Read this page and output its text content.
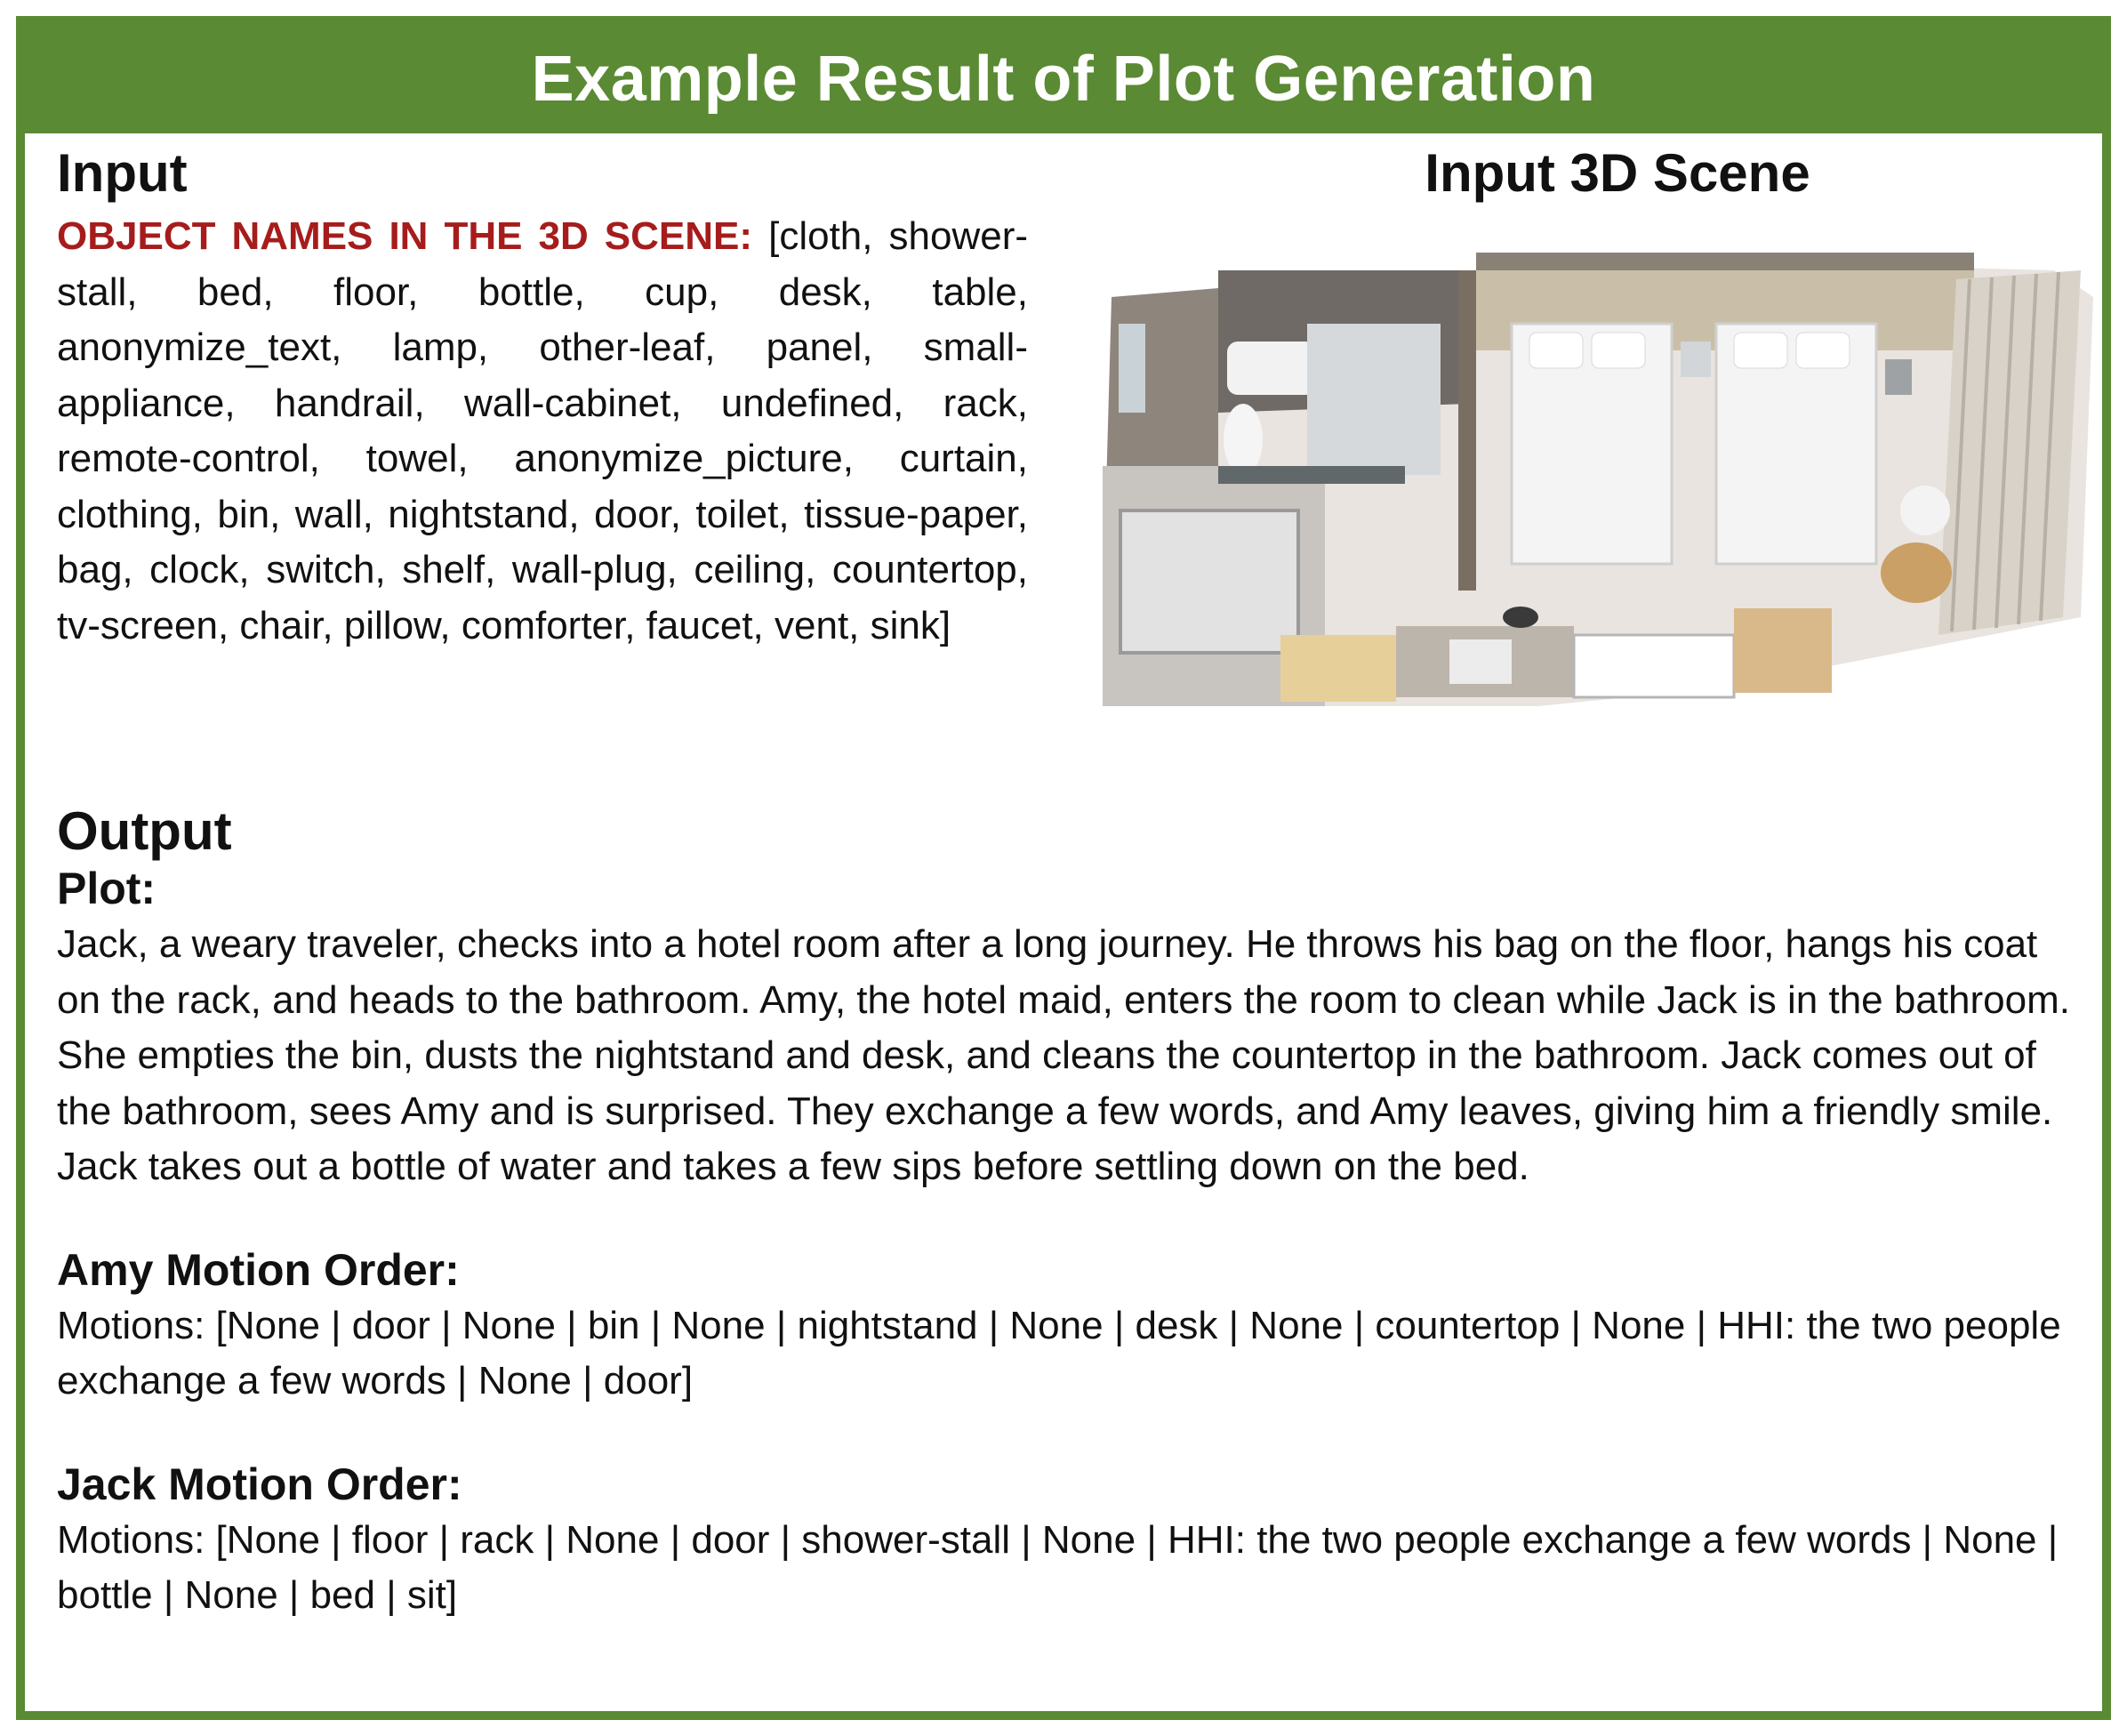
Example Result of Plot Generation
Input

OBJECT NAMES IN THE 3D SCENE: [cloth, shower-stall, bed, floor, bottle, cup, desk, table, anonymize_text, lamp, other-leaf, panel, small-appliance, handrail, wall-cabinet, undefined, rack, remote-control, towel, anonymize_picture, curtain, clothing, bin, wall, nightstand, door, toilet, tissue-paper, bag, clock, switch, shelf, wall-plug, ceiling, countertop, tv-screen, chair, pillow, comforter, faucet, vent, sink]

Input 3D Scene
Output
Plot:

Jack, a weary traveler, checks into a hotel room after a long journey. He throws his bag on the floor, hangs his coat on the rack, and heads to the bathroom. Amy, the hotel maid, enters the room to clean while Jack is in the bathroom. She empties the bin, dusts the nightstand and desk, and cleans the countertop in the bathroom. Jack comes out of the bathroom, sees Amy and is surprised. They exchange a few words, and Amy leaves, giving him a friendly smile. Jack takes out a bottle of water and takes a few sips before settling down on the bed.

Amy Motion Order:

Motions: [None | door | None | bin | None | nightstand | None | desk | None | countertop | None | HHI: the two people exchange a few words | None | door]

Jack Motion Order:

Motions: [None | floor | rack | None | door | shower-stall | None | HHI: the two people exchange a few words | None | bottle | None | bed | sit]
